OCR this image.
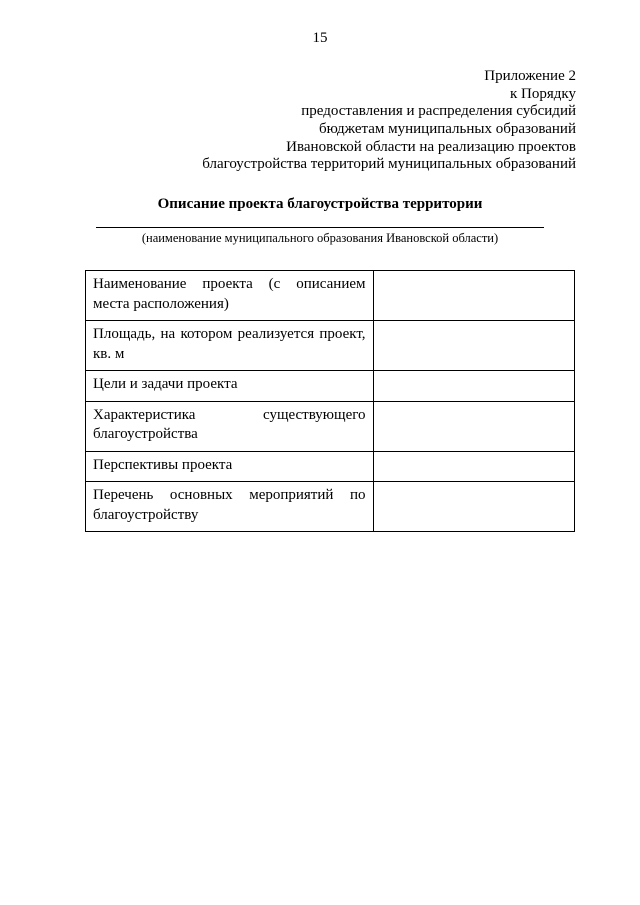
15
Приложение 2
к Порядку
предоставления и распределения субсидий
бюджетам муниципальных образований
Ивановской области на реализацию проектов
благоустройства территорий муниципальных образований
Описание проекта благоустройства территории
(наименование муниципального образования Ивановской области)
Наименование проекта (с описанием места расположения)	
Площадь, на котором реализуется проект, кв. м	
Цели и задачи проекта	
Характеристика существующего благоустройства	
Перспективы проекта	
Перечень основных мероприятий по благоустройству	
